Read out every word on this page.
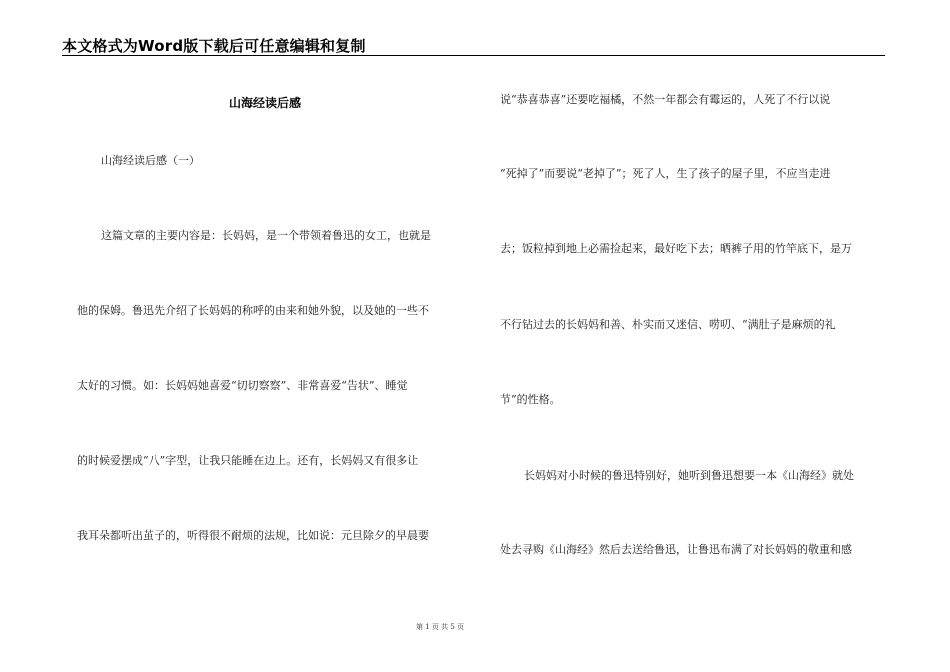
本文格式为Word版下载后可任意编辑和复制
山海经读后感
山海经读后感（一）
这篇文章的主要内容是：长妈妈，是一个带领着鲁迅的女工，也就是
他的保姆。鲁迅先介绍了长妈妈的称呼的由来和她外貌，以及她的一些不
太好的习惯。如：长妈妈她喜爱“切切察察”、非常喜爱“告状”、睡觉
的时候爱摆成“八”字型，让我只能睡在边上。还有，长妈妈又有很多让
我耳朵都听出茧子的，听得很不耐烦的法规，比如说：元旦除夕的早晨要
说“恭喜恭喜”还要吃福橘，不然一年都会有霉运的，人死了不行以说
“死掉了”而要说“老掉了”；死了人，生了孩子的屋子里，不应当走进
去；饭粒掉到地上必需捡起来，最好吃下去；晒裤子用的竹竿底下，是万
不行钻过去的长妈妈和善、朴实而又迷信、唠叨、“满肚子是麻烦的礼
节”的性格。
长妈妈对小时候的鲁迅特别好，她听到鲁迅想要一本《山海经》就处
处去寻购《山海经》然后去送给鲁迅，让鲁迅布满了对长妈妈的敬重和感
第 1 页 共 5 页
